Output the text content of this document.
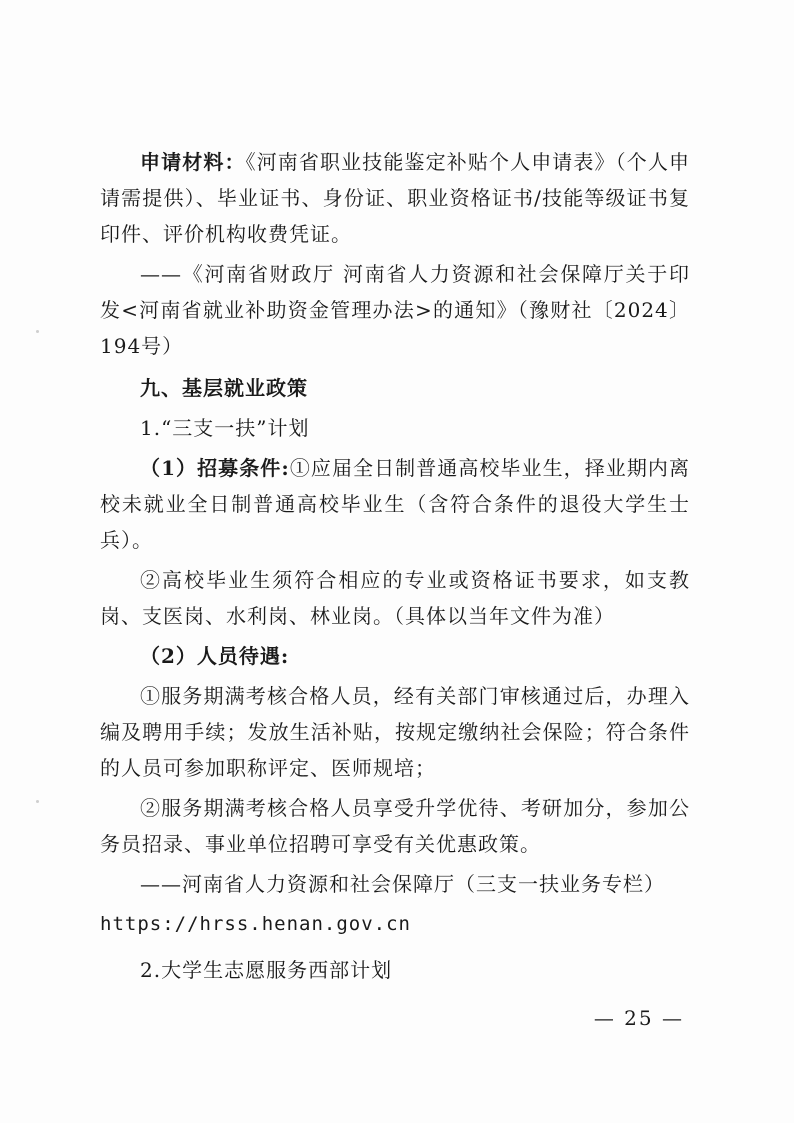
申请材料：《河南省职业技能鉴定补贴个人申请表》（个人申请需提供）、毕业证书、身份证、职业资格证书/技能等级证书复印件、评价机构收费凭证。

——《河南省财政厅 河南省人力资源和社会保障厅关于印发<河南省就业补助资金管理办法>的通知》（豫财社〔2024〕194号）

九、基层就业政策

1.“三支一扶”计划

（1）招募条件:①应届全日制普通高校毕业生，择业期内离校未就业全日制普通高校毕业生（含符合条件的退役大学生士兵）。

②高校毕业生须符合相应的专业或资格证书要求，如支教岗、支医岗、水利岗、林业岗。（具体以当年文件为准）

（2）人员待遇:

①服务期满考核合格人员，经有关部门审核通过后，办理入编及聘用手续；发放生活补贴，按规定缴纳社会保险；符合条件的人员可参加职称评定、医师规培；

②服务期满考核合格人员享受升学优待、考研加分，参加公务员招录、事业单位招聘可享受有关优惠政策。

——河南省人力资源和社会保障厅（三支一扶业务专栏）

https://hrss.henan.gov.cn

2.大学生志愿服务西部计划

— 25 —
